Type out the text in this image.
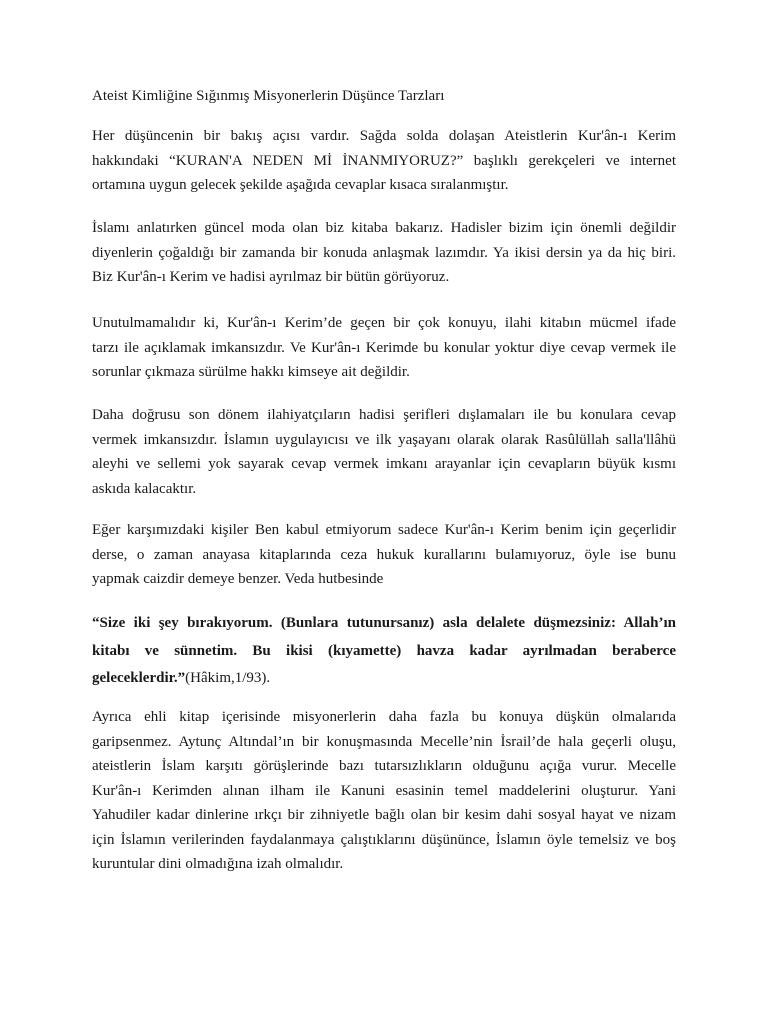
Ateist Kimliğine Sığınmış Misyonerlerin Düşünce Tarzları

Her düşüncenin bir bakış açısı vardır. Sağda solda dolaşan Ateistlerin Kur'ân-ı Kerim
hakkındaki “KURAN'A NEDEN Mİ İNANMIYORUZ?” başlıklı gerekçeleri ve internet
ortamına uygun gelecek şekilde aşağıda cevaplar kısaca sıralanmıştır.

İslamı anlatırken güncel moda olan biz kitaba bakarız. Hadisler bizim için önemli değildir
diyenlerin çoğaldığı bir zamanda bir konuda anlaşmak lazımdır. Ya ikisi dersin ya da hiç biri.
Biz Kur'ân-ı Kerim ve hadisi ayrılmaz bir bütün görüyoruz.

Unutulmamalıdır ki, Kur'ân-ı Kerim’de geçen bir çok konuyu, ilahi kitabın mücmel ifade
tarzı ile açıklamak imkansızdır. Ve Kur'ân-ı Kerimde bu konular yoktur diye cevap vermek ile
sorunlar çıkmaza sürülme hakkı kimseye ait değildir.

Daha doğrusu son dönem ilahiyatçıların hadisi şerifleri dışlamaları ile bu konulara cevap
vermek imkansızdır. İslamın uygulayıcısı ve ilk yaşayanı olarak olarak Rasûlüllah salla'llâhü
aleyhi ve sellemi yok sayarak cevap vermek imkanı arayanlar için cevapların büyük kısmı
askıda kalacaktır.

Eğer karşımızdaki kişiler Ben kabul etmiyorum sadece Kur'ân-ı Kerim benim için geçerlidir
derse, o zaman anayasa kitaplarında ceza hukuk kurallarını bulamıyoruz, öyle ise bunu
yapmak caizdir demeye benzer. Veda hutbesinde

“Size iki şey bırakıyorum. (Bunlara tutunursanız) asla delalete düşmezsiniz: Allah’ın
kitabı ve sünnetim. Bu ikisi (kıyamette) havza kadar ayrılmadan beraberce
geleceklerdir.”(Hâkim,1/93).

Ayrıca ehli kitap içerisinde misyonerlerin daha fazla bu konuya düşkün olmalarıda
garipsenmez. Aytunç Altındal’ın bir konuşmasında Mecelle’nin İsrail’de hala geçerli oluşu,
ateistlerin İslam karşıtı görüşlerinde bazı tutarsızlıkların olduğunu açığa vurur. Mecelle
Kur'ân-ı Kerimden alınan ilham ile Kanuni esasinin temel maddelerini oluşturur. Yani
Yahudiler kadar dinlerine ırkçı bir zihniyetle bağlı olan bir kesim dahi sosyal hayat ve nizam
için İslamın verilerinden faydalanmaya çalıştıklarını düşününce, İslamın öyle temelsiz ve boş
kuruntular dini olmadığına izah olmalıdır.
